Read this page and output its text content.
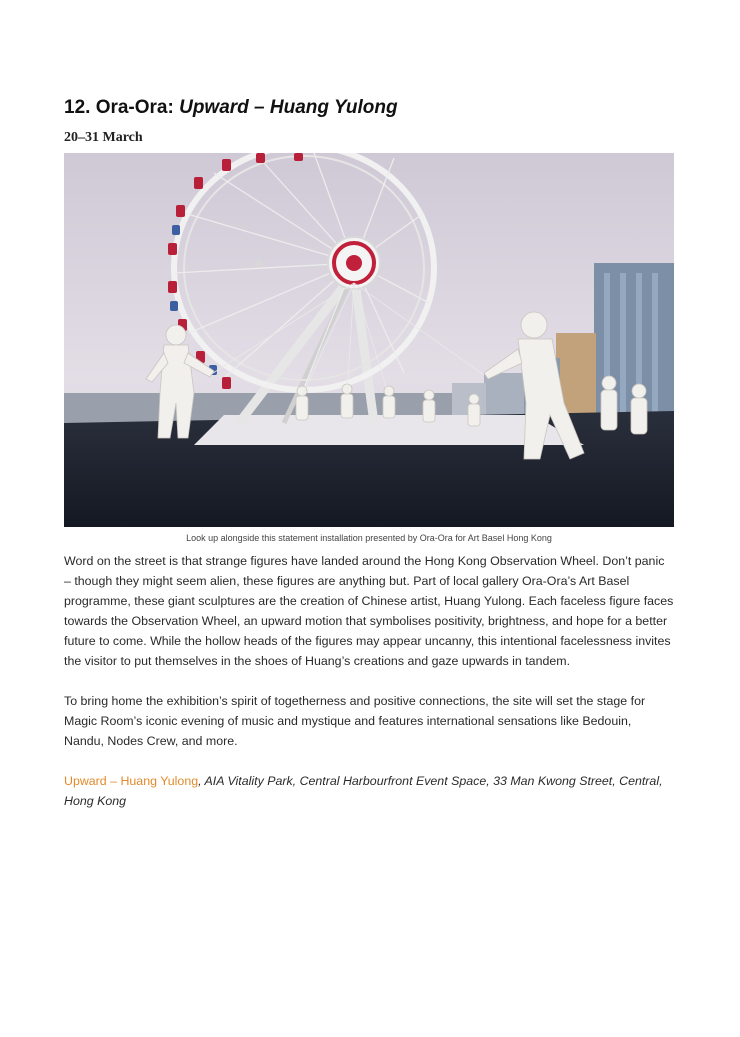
12. Ora-Ora: Upward – Huang Yulong
20–31 March
Look up alongside this statement installation presented by Ora-Ora for Art Basel Hong Kong

Word on the street is that strange figures have landed around the Hong Kong Observation Wheel. Don’t panic – though they might seem alien, these figures are anything but. Part of local gallery Ora-Ora’s Art Basel programme, these giant sculptures are the creation of Chinese artist, Huang Yulong. Each faceless figure faces towards the Observation Wheel, an upward motion that symbolises positivity, brightness, and hope for a better future to come. While the hollow heads of the figures may appear uncanny, this intentional facelessness invites the visitor to put themselves in the shoes of Huang’s creations and gaze upwards in tandem.

To bring home the exhibition’s spirit of togetherness and positive connections, the site will set the stage for Magic Room’s iconic evening of music and mystique and features international sensations like Bedouin, Nandu, Nodes Crew, and more.

Upward – Huang Yulong, AIA Vitality Park, Central Harbourfront Event Space, 33 Man Kwong Street, Central, Hong Kong
